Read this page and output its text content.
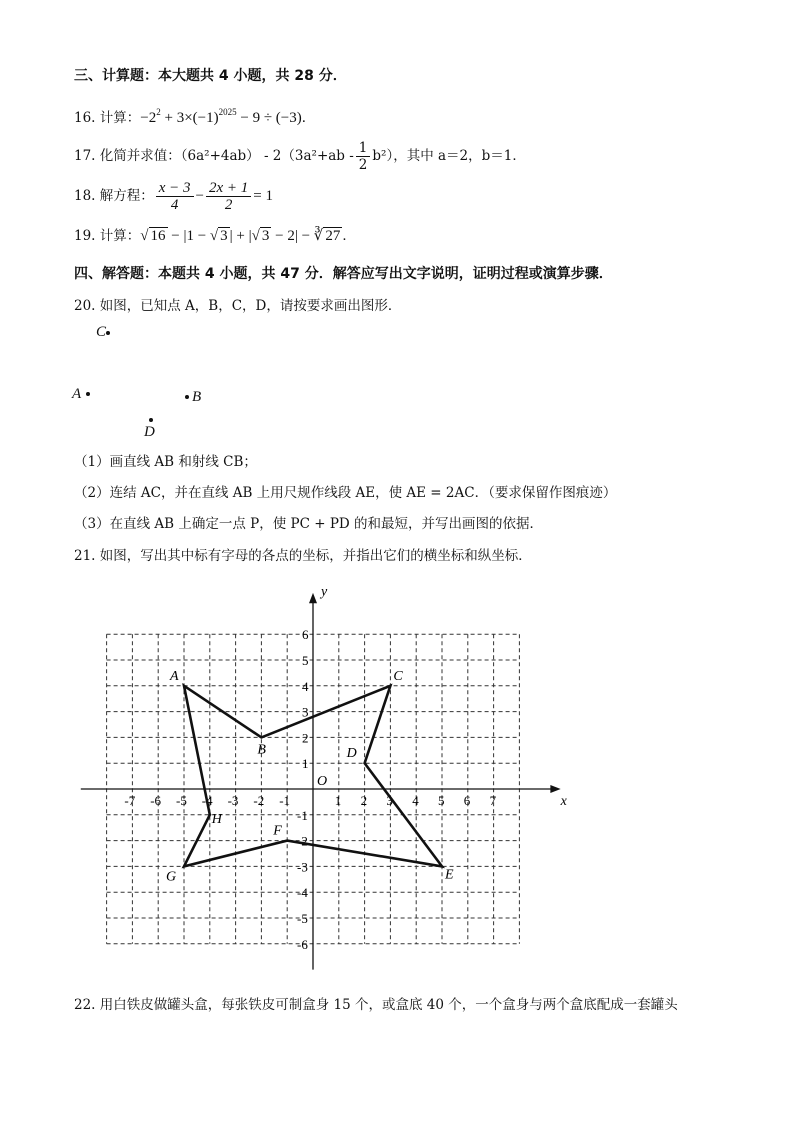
三、计算题：本大题共 4 小题，共 28 分．
16. 计算：$-2^2 + 3\times(-1)^{2025} - 9 \div (-3)$．
17. 化简并求值：$(6a^2+4ab) - 2(3a^2+ab - \frac{1}{2} b^2)$，其中 a＝2，b＝1．
18. 解方程： $\frac{x - 3}{4} - \frac{2x + 1}{2} = 1$
19. 计算：√ 16 − |1 − √ 3 | + |√ 3 − 2| − ∛ 27 ．
四、解答题：本题共 4 小题，共 47 分．解答应写出文字说明，证明过程或演算步骤．
20. 如图，已知点 A，B，C，D，请按要求画出图形．
C
A	B
D
（1）画直线 AB 和射线 CB；
（2）连结 AC，并在直线 AB 上用尺规作线段 AE，使 AE = 2AC．（要求保留作图痕迹）
（3）在直线 AB 上确定一点 P，使 PC + PD 的和最短，并写出画图的依据．
21. 如图，写出其中标有字母的各点的坐标，并指出它们的横坐标和纵坐标．
x
y
O
-7 -6 -5 -4 -3 -2 -1	1 2 3 4 5 6 7
6
5
4
3
2
1
-1
-2
-3
-4
-5
-6
A
B
C
D
E
F
G
H
22. 用白铁皮做罐头盒，每张铁皮可制盒身 15 个，或盒底 40 个，一个盒身与两个盒底配成一套罐头
